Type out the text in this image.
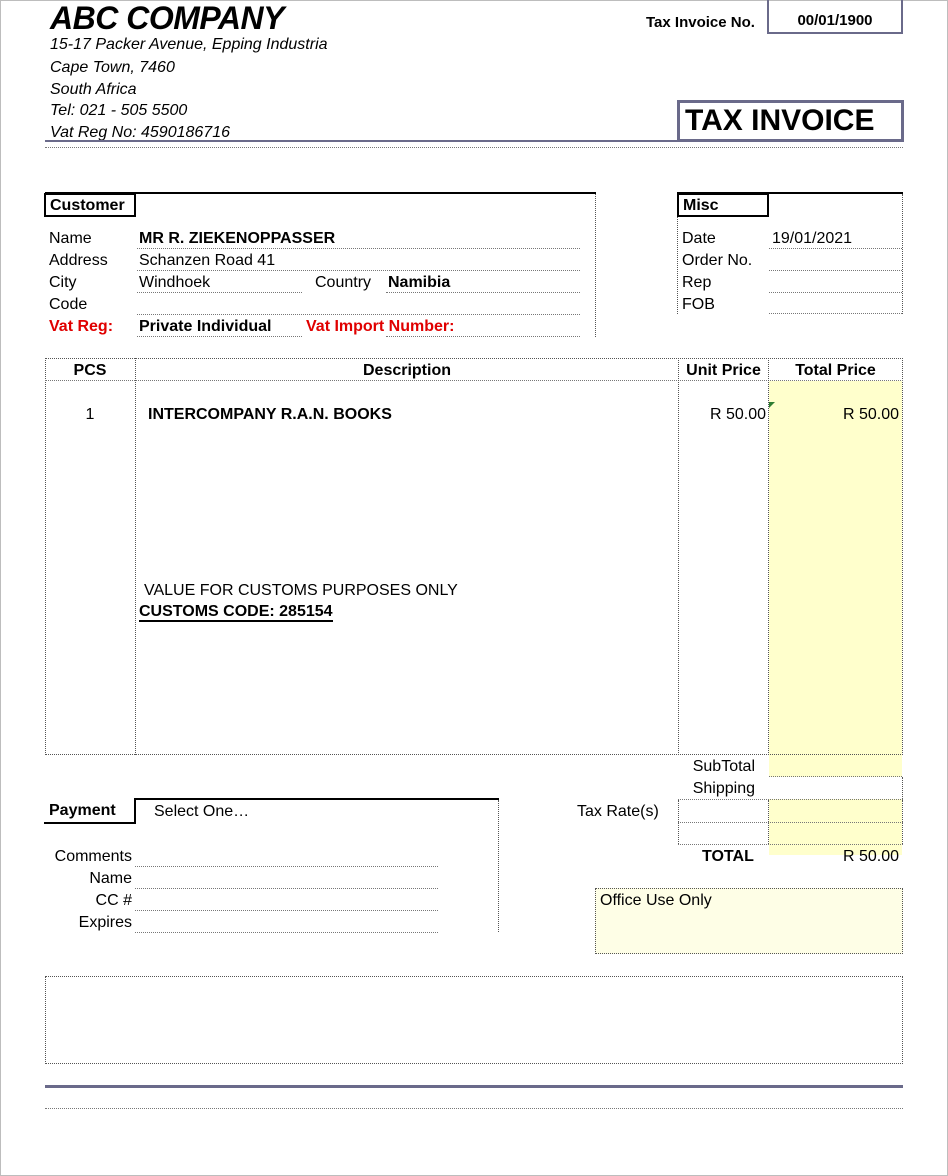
ABC COMPANY
15-17 Packer Avenue, Epping Industria
Cape Town, 7460
South Africa
Tel: 021 - 505 5500
Vat Reg No: 4590186716
Tax Invoice No.	00/01/1900
TAX INVOICE
Customer
Name	MR R. ZIEKENOPPASSER
Address Schanzen Road 41
City	Windhoek	Country Namibia
Code
Vat Reg: Private Individual Vat Import Number:
Misc
Date	19/01/2021
Order No.
Rep
FOB
PCS	Description	Unit Price	Total Price
1	INTERCOMPANY R.A.N. BOOKS	R 50.00	R 50.00
VALUE FOR CUSTOMS PURPOSES ONLY
CUSTOMS CODE: 285154
SubTotal
Shipping
Tax Rate(s)
TOTAL	R 50.00
Payment	Select One…
Comments
Name
CC #
Expires
Office Use Only
